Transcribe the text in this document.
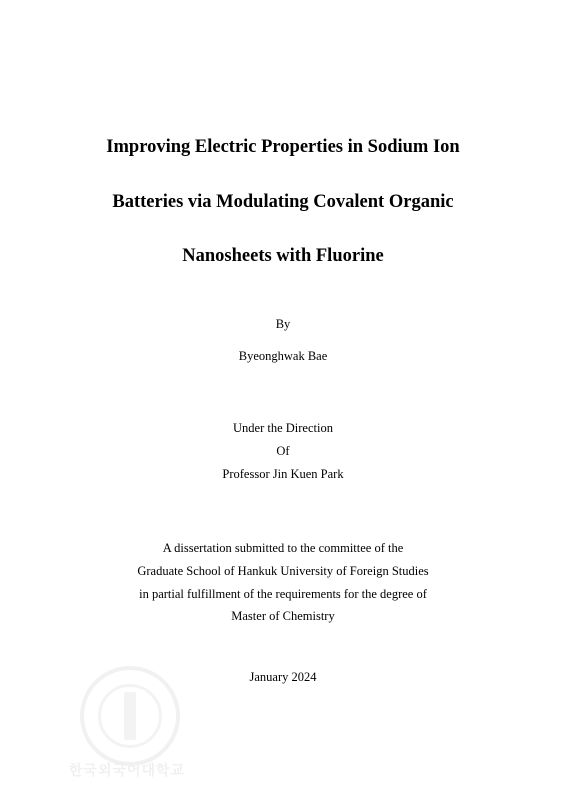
Improving Electric Properties in Sodium Ion
Batteries via Modulating Covalent Organic
Nanosheets with Fluorine
By
Byeonghwak Bae
Under the Direction
Of
Professor Jin Kuen Park
A dissertation submitted to the committee of the
Graduate School of Hankuk University of Foreign Studies
in partial fulfillment of the requirements for the degree of
Master of Chemistry
January 2024
한국외국어대학교
